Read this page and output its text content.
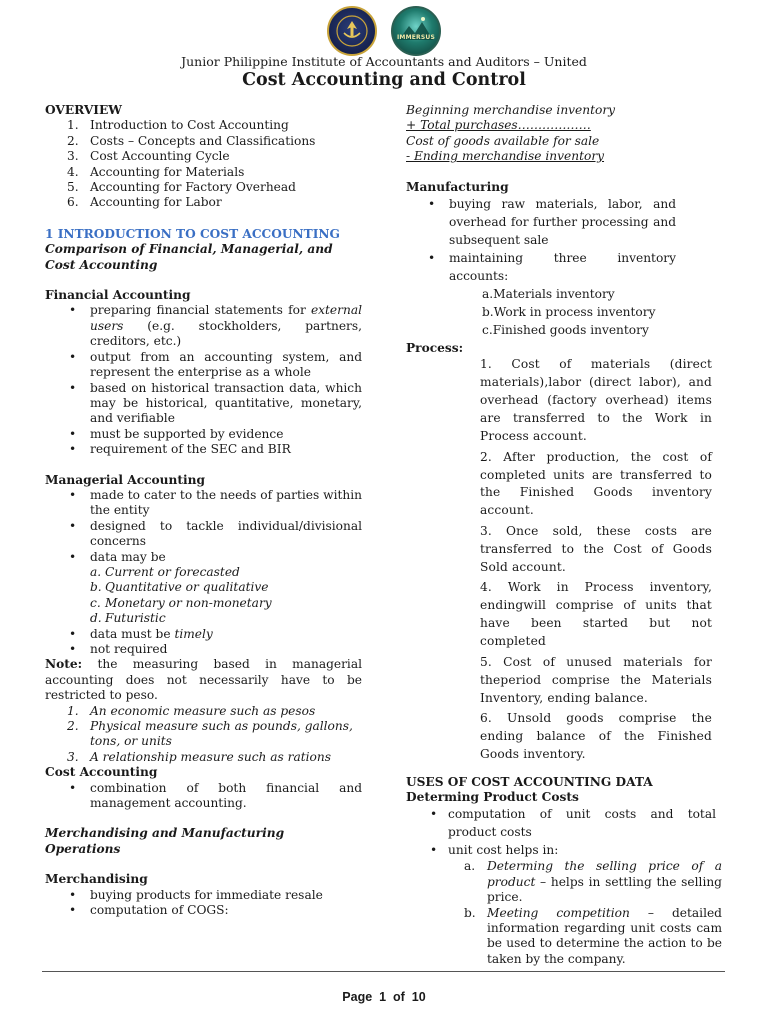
IMMERSUS
Junior Philippine Institute of Accountants and Auditors – United
Cost Accounting and Control
OVERVIEW
1. Introduction to Cost Accounting
2. Costs – Concepts and Classifications
3. Cost Accounting Cycle
4. Accounting for Materials
5. Accounting for Factory Overhead
6. Accounting for Labor
1 INTRODUCTION TO COST ACCOUNTING
Comparison of Financial, Managerial, and Cost Accounting
Financial Accounting
• preparing financial statements for external users (e.g. stockholders, partners, creditors, etc.)
• output from an accounting system, and represent the enterprise as a whole
• based on historical transaction data, which may be historical, quantitative, monetary, and verifiable
• must be supported by evidence
• requirement of the SEC and BIR
Managerial Accounting
• made to cater to the needs of parties within the entity
• designed to tackle individual/divisional concerns
• data may be
a. Current or forecasted
b. Quantitative or qualitative
c. Monetary or non-monetary
d. Futuristic
• data must be timely
• not required
Note: the measuring based in managerial accounting does not necessarily have to be restricted to peso.
1. An economic measure such as pesos
2. Physical measure such as pounds, gallons, tons, or units
3. A relationship measure such as rations
Cost Accounting
• combination of both financial and management accounting.
Merchandising and Manufacturing Operations
Merchandising
• buying products for immediate resale
• computation of COGS:
Beginning merchandise inventory
+ Total purchases………………
Cost of goods available for sale
- Ending merchandise inventory
Manufacturing
• buying raw materials, labor, and overhead for further processing and subsequent sale
• maintaining three inventory accounts:
a.Materials inventory
b.Work in process inventory
c.Finished goods inventory
Process:

1. Cost of materials (direct materials),labor (direct labor), and overhead (factory overhead) items are transferred to the Work in Process account.

2. After production, the cost of completed units are transferred to the Finished Goods inventory account.

3. Once sold, these costs are transferred to the Cost of Goods Sold account.

4. Work in Process inventory, endingwill comprise of units that have been started but not completed

5. Cost of unused materials for theperiod comprise the Materials Inventory, ending balance.

6. Unsold goods comprise the ending balance of the Finished Goods inventory.

USES OF COST ACCOUNTING DATA
Determing Product Costs
• computation of unit costs and total product costs
• unit cost helps in:
a. Determing the selling price of a product – helps in settling the selling price.
b. Meeting competition – detailed information regarding unit costs cam be used to determine the action to be taken by the company.
Page 1 of 10
